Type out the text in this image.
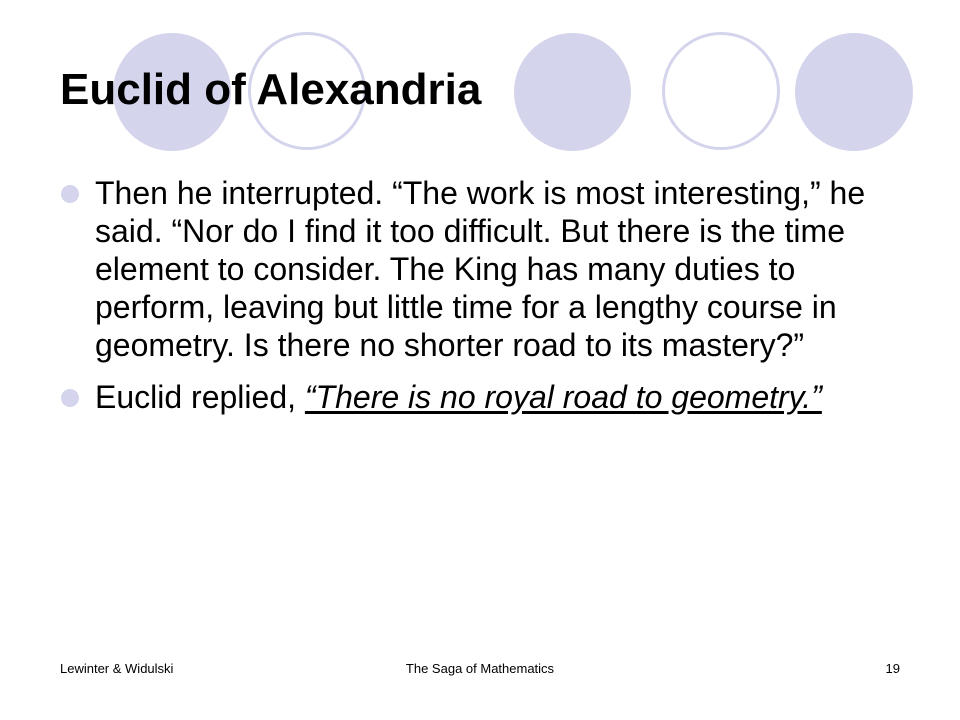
Euclid of Alexandria
Then he interrupted. “The work is most interesting,” he said. “Nor do I find it too difficult. But there is the time element to consider. The King has many duties to perform, leaving but little time for a lengthy course in geometry. Is there no shorter road to its mastery?”
Euclid replied, “There is no royal road to geometry.”
The Saga of Mathematics
Lewinter & Widulski	19
